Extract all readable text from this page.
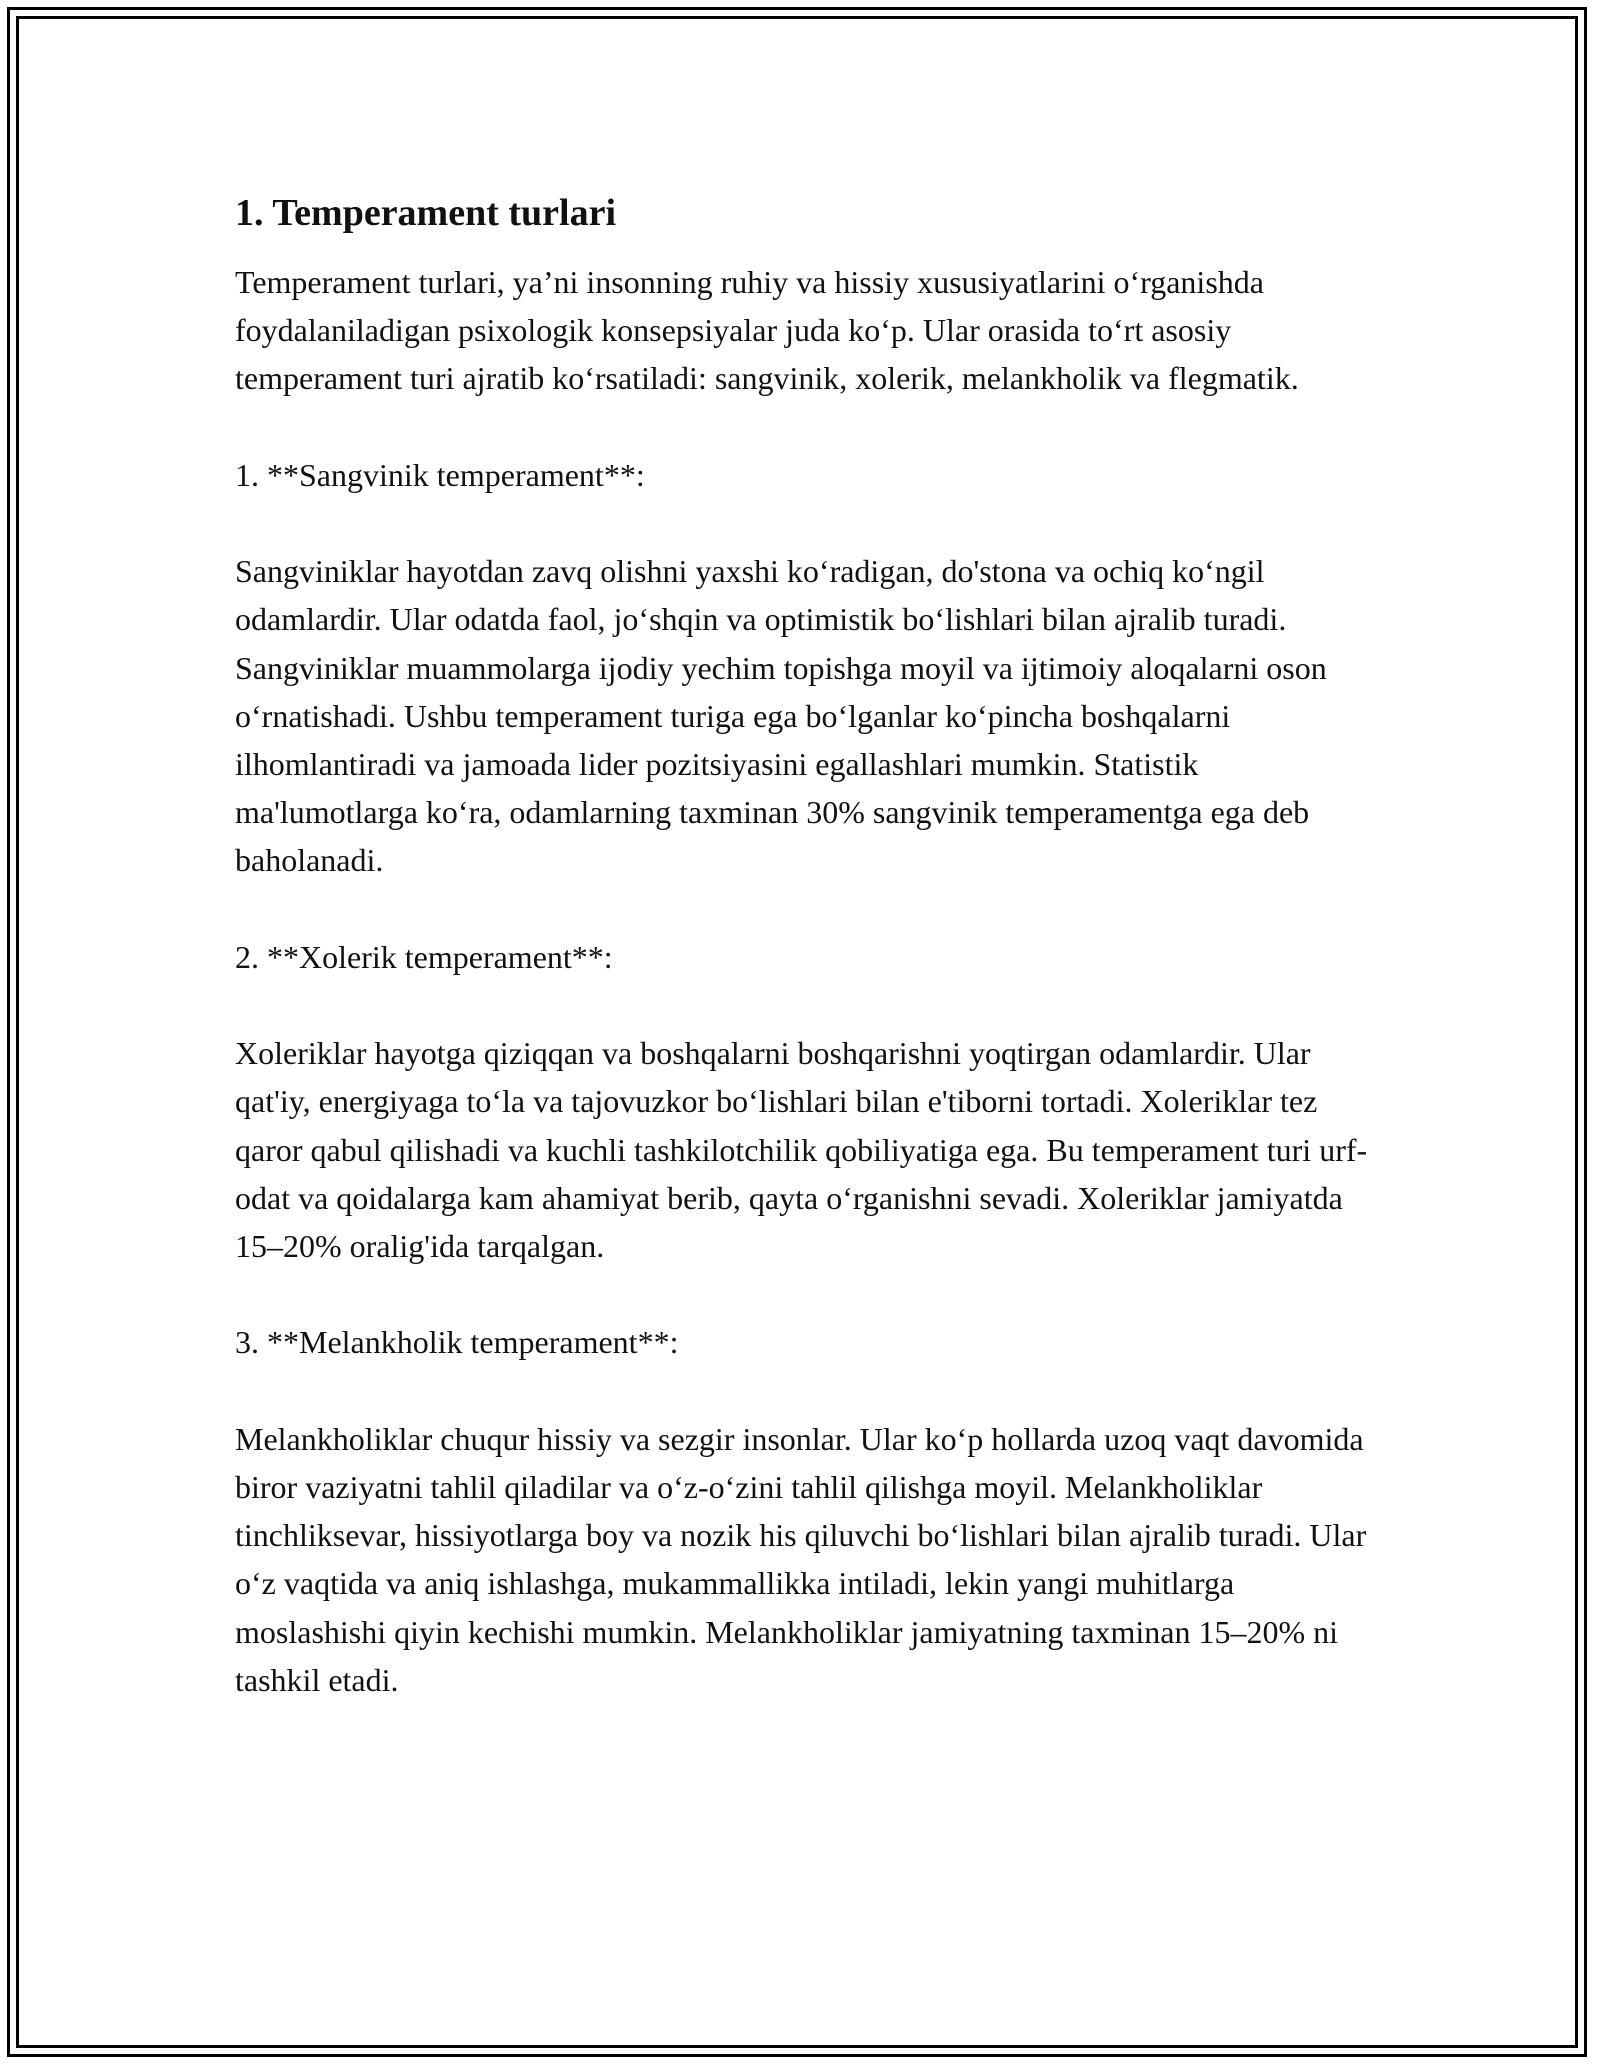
1. Temperament turlari

Temperament turlari, ya’ni insonning ruhiy va hissiy xususiyatlarini o‘rganishda foydalaniladigan psixologik konsepsiyalar juda ko‘p. Ular orasida to‘rt asosiy temperament turi ajratib ko‘rsatiladi: sangvinik, xolerik, melankholik va flegmatik.

1. **Sangvinik temperament**:

Sangviniklar hayotdan zavq olishni yaxshi ko‘radigan, do'stona va ochiq ko‘ngil odamlardir. Ular odatda faol, jo‘shqin va optimistik bo‘lishlari bilan ajralib turadi. Sangviniklar muammolarga ijodiy yechim topishga moyil va ijtimoiy aloqalarni oson o‘rnatishadi. Ushbu temperament turiga ega bo‘lganlar ko‘pincha boshqalarni ilhomlantiradi va jamoada lider pozitsiyasini egallashlari mumkin. Statistik ma'lumotlarga ko‘ra, odamlarning taxminan 30% sangvinik temperamentga ega deb baholanadi.

2. **Xolerik temperament**:

Xoleriklar hayotga qiziqqan va boshqalarni boshqarishni yoqtirgan odamlardir. Ular qat'iy, energiyaga to‘la va tajovuzkor bo‘lishlari bilan e'tiborni tortadi. Xoleriklar tez qaror qabul qilishadi va kuchli tashkilotchilik qobiliyatiga ega. Bu temperament turi urf-odat va qoidalarga kam ahamiyat berib, qayta o‘rganishni sevadi. Xoleriklar jamiyatda 15–20% oralig'ida tarqalgan.

3. **Melankholik temperament**:

Melankholiklar chuqur hissiy va sezgir insonlar. Ular ko‘p hollarda uzoq vaqt davomida biror vaziyatni tahlil qiladilar va o‘z-o‘zini tahlil qilishga moyil. Melankholiklar tinchliksevar, hissiyotlarga boy va nozik his qiluvchi bo‘lishlari bilan ajralib turadi. Ular o‘z vaqtida va aniq ishlashga, mukammallikka intiladi, lekin yangi muhitlarga moslashishi qiyin kechishi mumkin. Melankholiklar jamiyatning taxminan 15–20% ni tashkil etadi.
